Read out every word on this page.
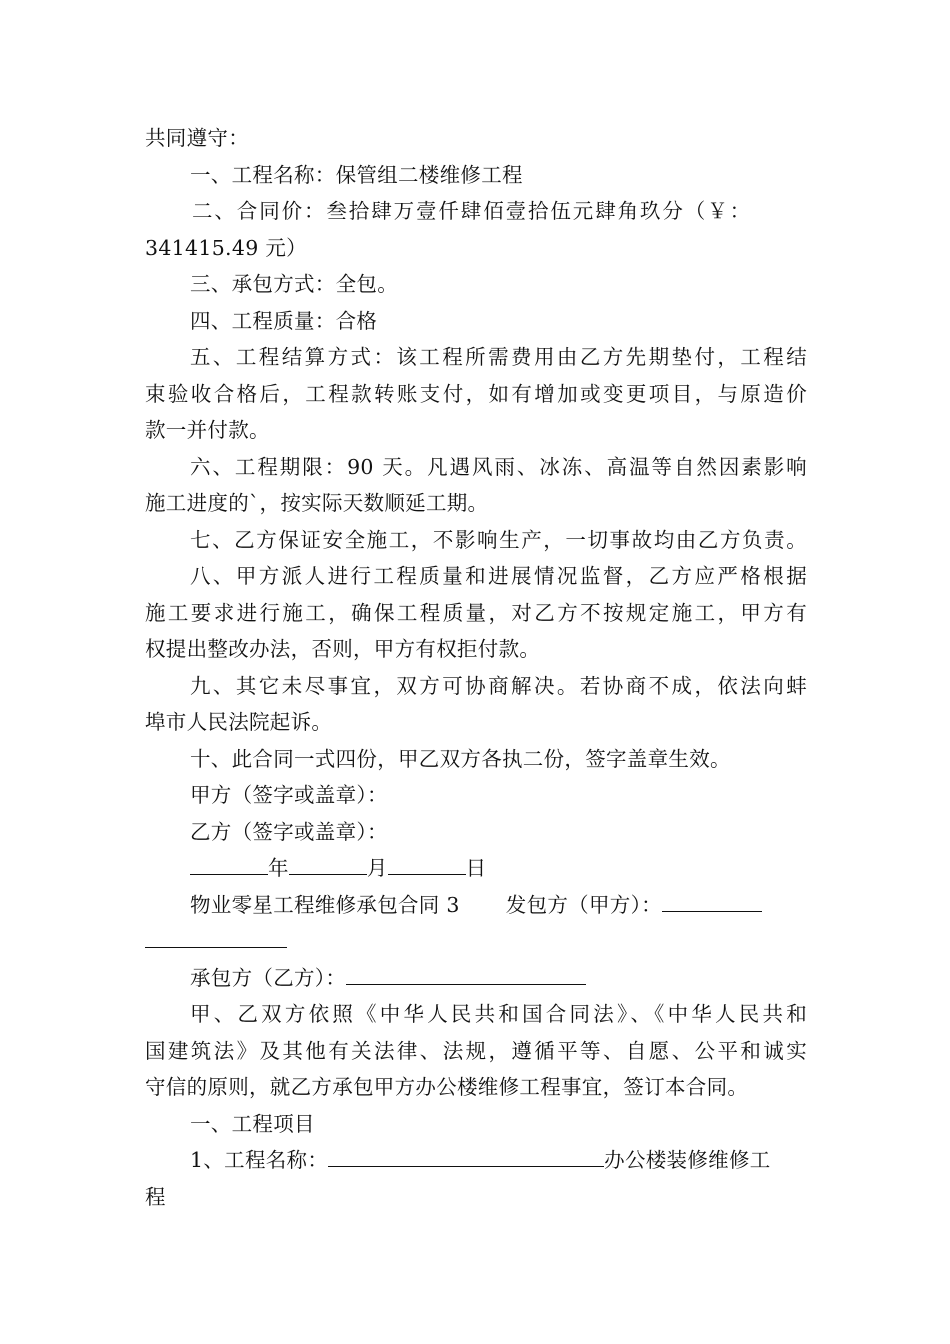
共同遵守：
一、工程名称：保管组二楼维修工程
二、合同价：叁拾肆万壹仟肆佰壹拾伍元肆角玖分（￥：
341415.49 元）
三、承包方式：全包。
四、工程质量：合格
五、工程结算方式：该工程所需费用由乙方先期垫付，工程结
束验收合格后，工程款转账支付，如有增加或变更项目，与原造价
款一并付款。
六、工程期限：90 天。凡遇风雨、冰冻、高温等自然因素影响
施工进度的`，按实际天数顺延工期。
七、乙方保证安全施工，不影响生产，一切事故均由乙方负责。
八、甲方派人进行工程质量和进展情况监督，乙方应严格根据
施工要求进行施工，确保工程质量，对乙方不按规定施工，甲方有
权提出整改办法，否则，甲方有权拒付款。
九、其它未尽事宜，双方可协商解决。若协商不成，依法向蚌
埠市人民法院起诉。
十、此合同一式四份，甲乙双方各执二份，签字盖章生效。
甲方（签字或盖章）：
乙方（签字或盖章）：
年	月	日
物业零星工程维修承包合同 3 发包方（甲方）：
承包方（乙方）：
甲、乙双方依照《中华人民共和国合同法》、《中华人民共和
国建筑法》及其他有关法律、法规，遵循平等、自愿、公平和诚实
守信的原则，就乙方承包甲方办公楼维修工程事宜，签订本合同。
一、工程项目
1、工程名称：	办公楼装修维修工
程
